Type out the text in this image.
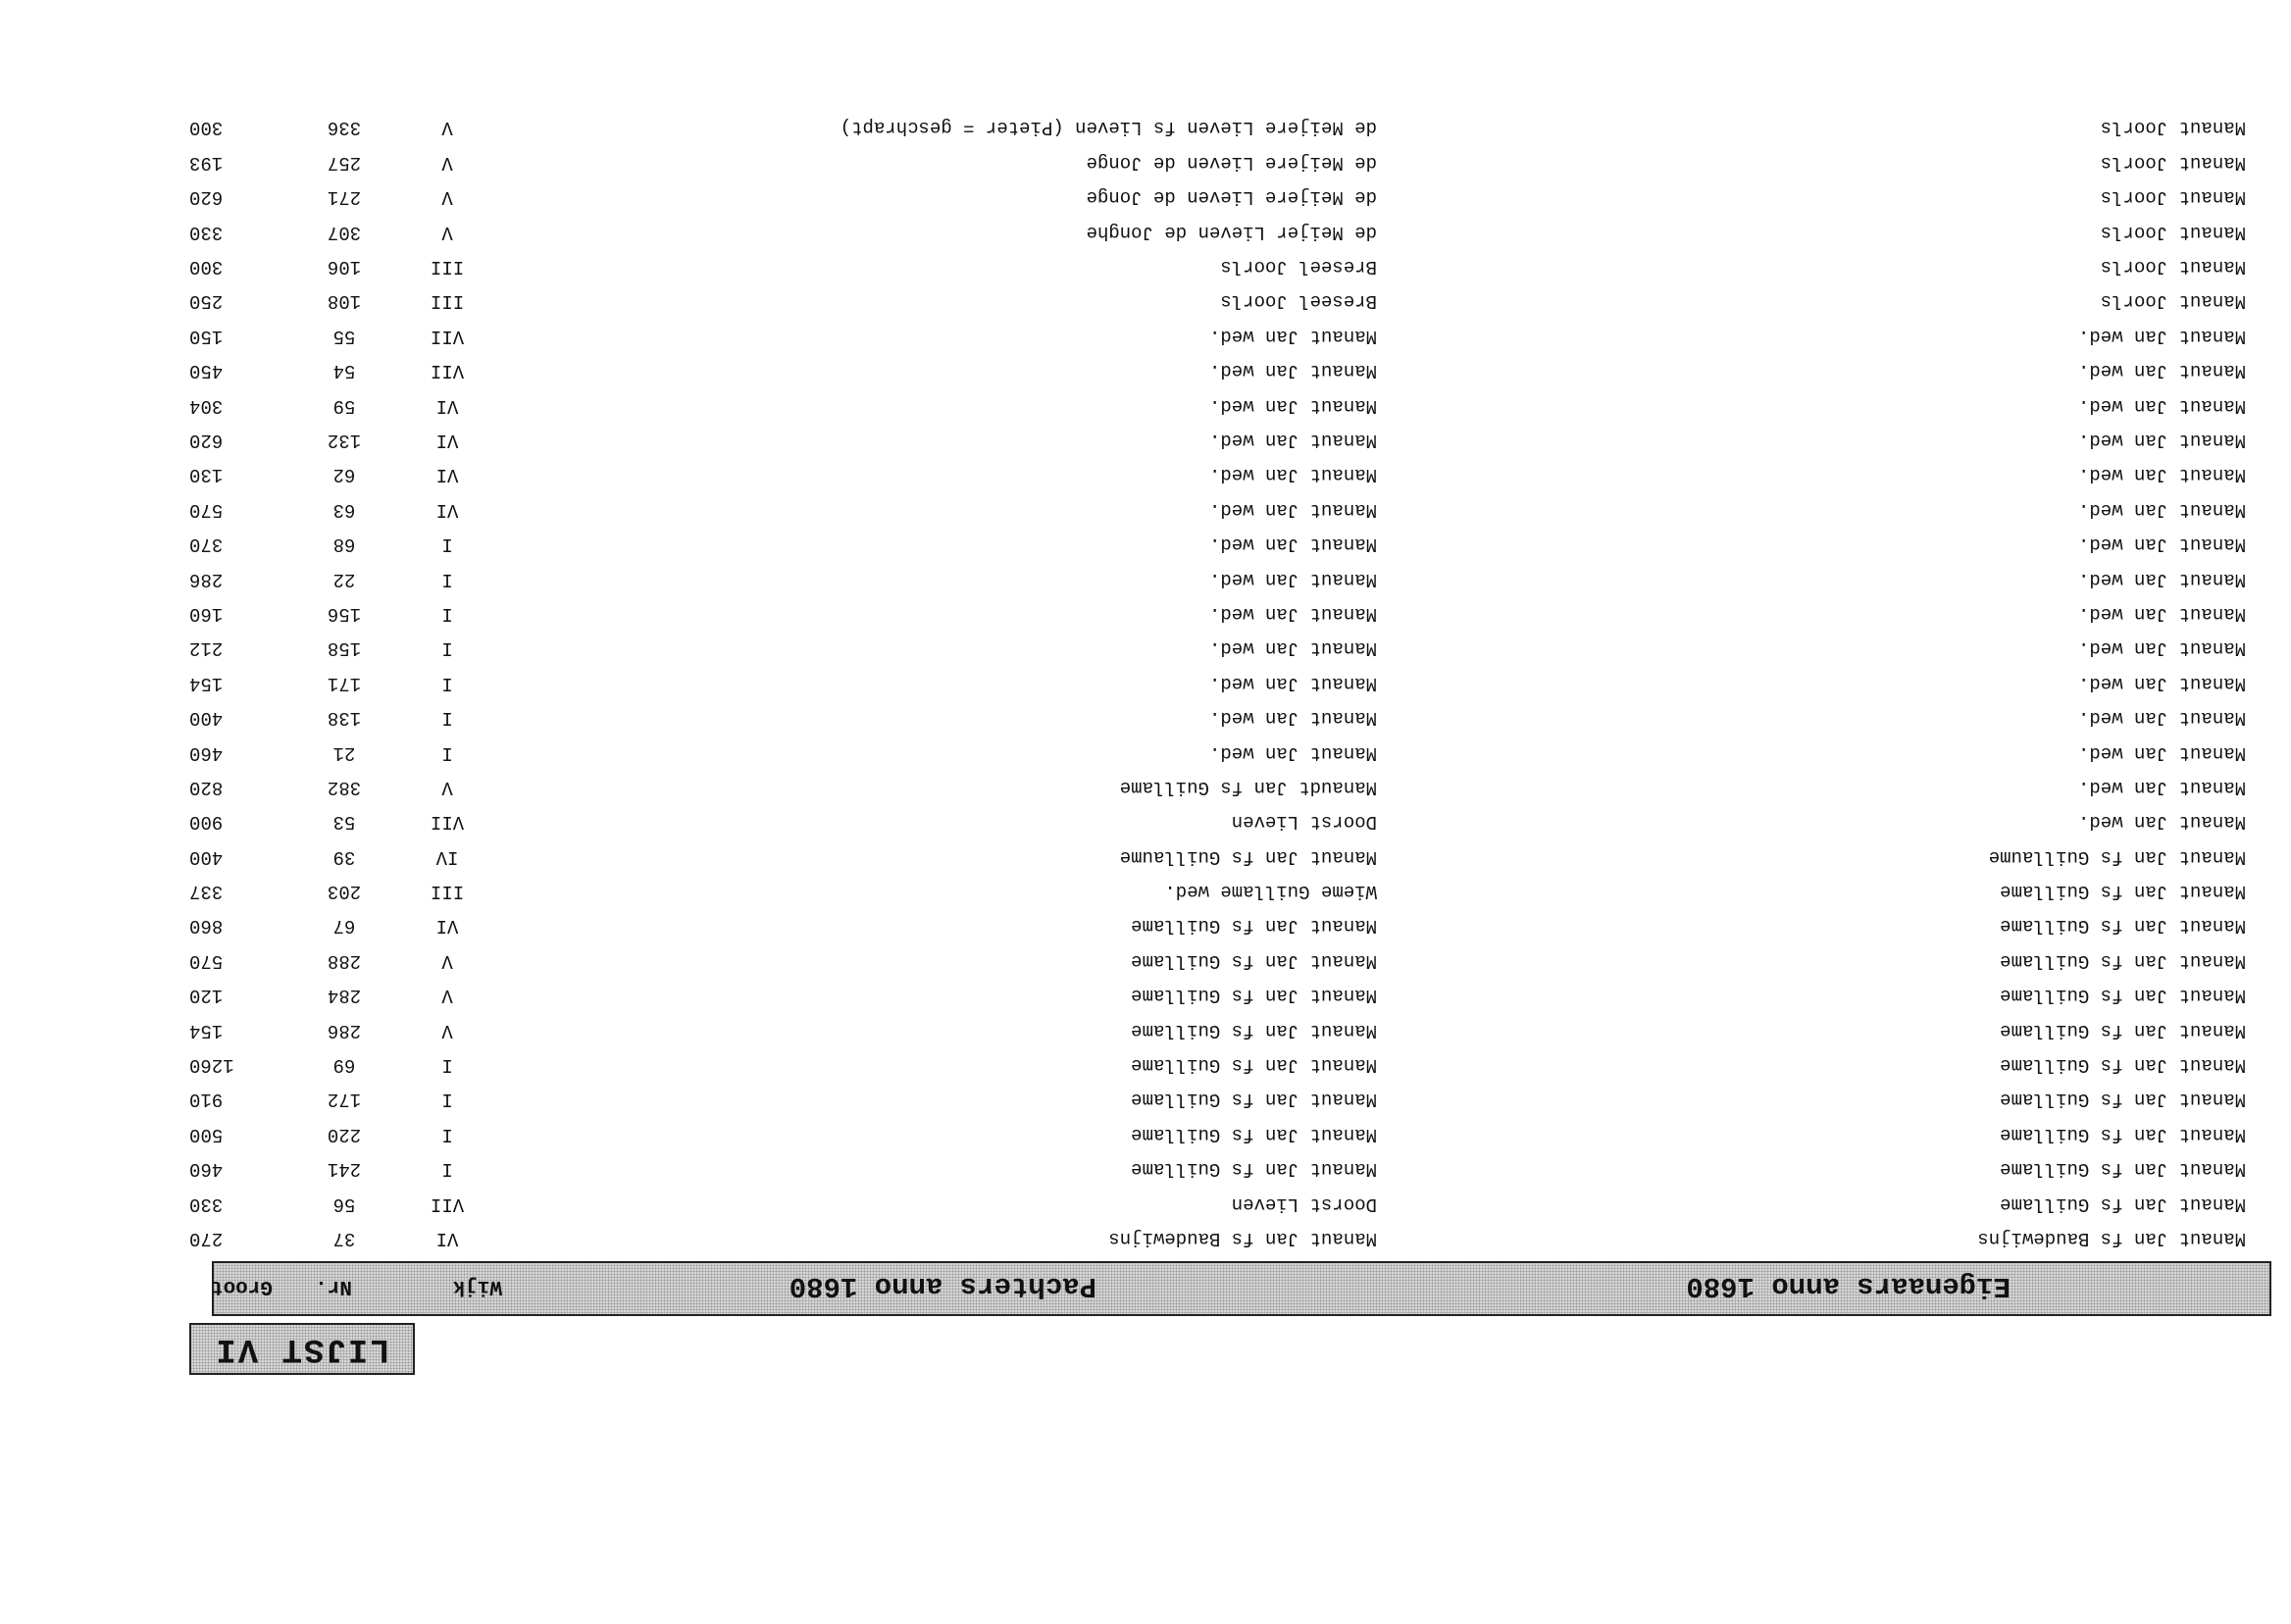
LIJST VI
Eigenaars anno 1680
Pachters anno 1680
Wijk
Nr.
Groot
Manaut Jan fs Baudewijns
Manaut Jan fs Baudewijns
VI
37
270
Manaut Jan fs Guillame
Doorst Lieven
VII
56
330
Manaut Jan fs Guillame
Manaut Jan fs Guillame
I
241
460
Manaut Jan fs Guillame
Manaut Jan fs Guillame
I
220
500
Manaut Jan fs Guillame
Manaut Jan fs Guillame
I
172
910
Manaut Jan fs Guillame
Manaut Jan fs Guillame
I
69
1260
Manaut Jan fs Guillame
Manaut Jan fs Guillame
V
286
154
Manaut Jan fs Guillame
Manaut Jan fs Guillame
V
284
120
Manaut Jan fs Guillame
Manaut Jan fs Guillame
V
288
570
Manaut Jan fs Guillame
Manaut Jan fs Guillame
VI
67
860
Manaut Jan fs Guillame
Wieme Guillame wed.
III
203
337
Manaut Jan fs Guillaume
Manaut Jan fs Guillaume
IV
39
400
Manaut Jan wed.
Doorst Lieven
VII
53
900
Manaut Jan wed.
Manaudt Jan fs Guillame
V
382
820
Manaut Jan wed.
Manaut Jan wed.
I
21
460
Manaut Jan wed.
Manaut Jan wed.
I
138
400
Manaut Jan wed.
Manaut Jan wed.
I
171
154
Manaut Jan wed.
Manaut Jan wed.
I
158
212
Manaut Jan wed.
Manaut Jan wed.
I
156
160
Manaut Jan wed.
Manaut Jan wed.
I
22
286
Manaut Jan wed.
Manaut Jan wed.
I
68
370
Manaut Jan wed.
Manaut Jan wed.
VI
63
570
Manaut Jan wed.
Manaut Jan wed.
VI
62
130
Manaut Jan wed.
Manaut Jan wed.
VI
132
620
Manaut Jan wed.
Manaut Jan wed.
VI
59
304
Manaut Jan wed.
Manaut Jan wed.
VII
54
450
Manaut Jan wed.
Manaut Jan wed.
VII
55
150
Manaut Joorls
Breseel Joorls
III
108
250
Manaut Joorls
Breseel Joorls
III
106
300
Manaut Joorls
de Meijer Lieven de Jonghe
V
307
330
Manaut Joorls
de Meijere Lieven de Jonge
V
271
620
Manaut Joorls
de Meijere Lieven de Jonge
V
257
193
Manaut Joorls
de Meijere Lieven fs Lieven (Pieter = geschrapt)
V
336
300
